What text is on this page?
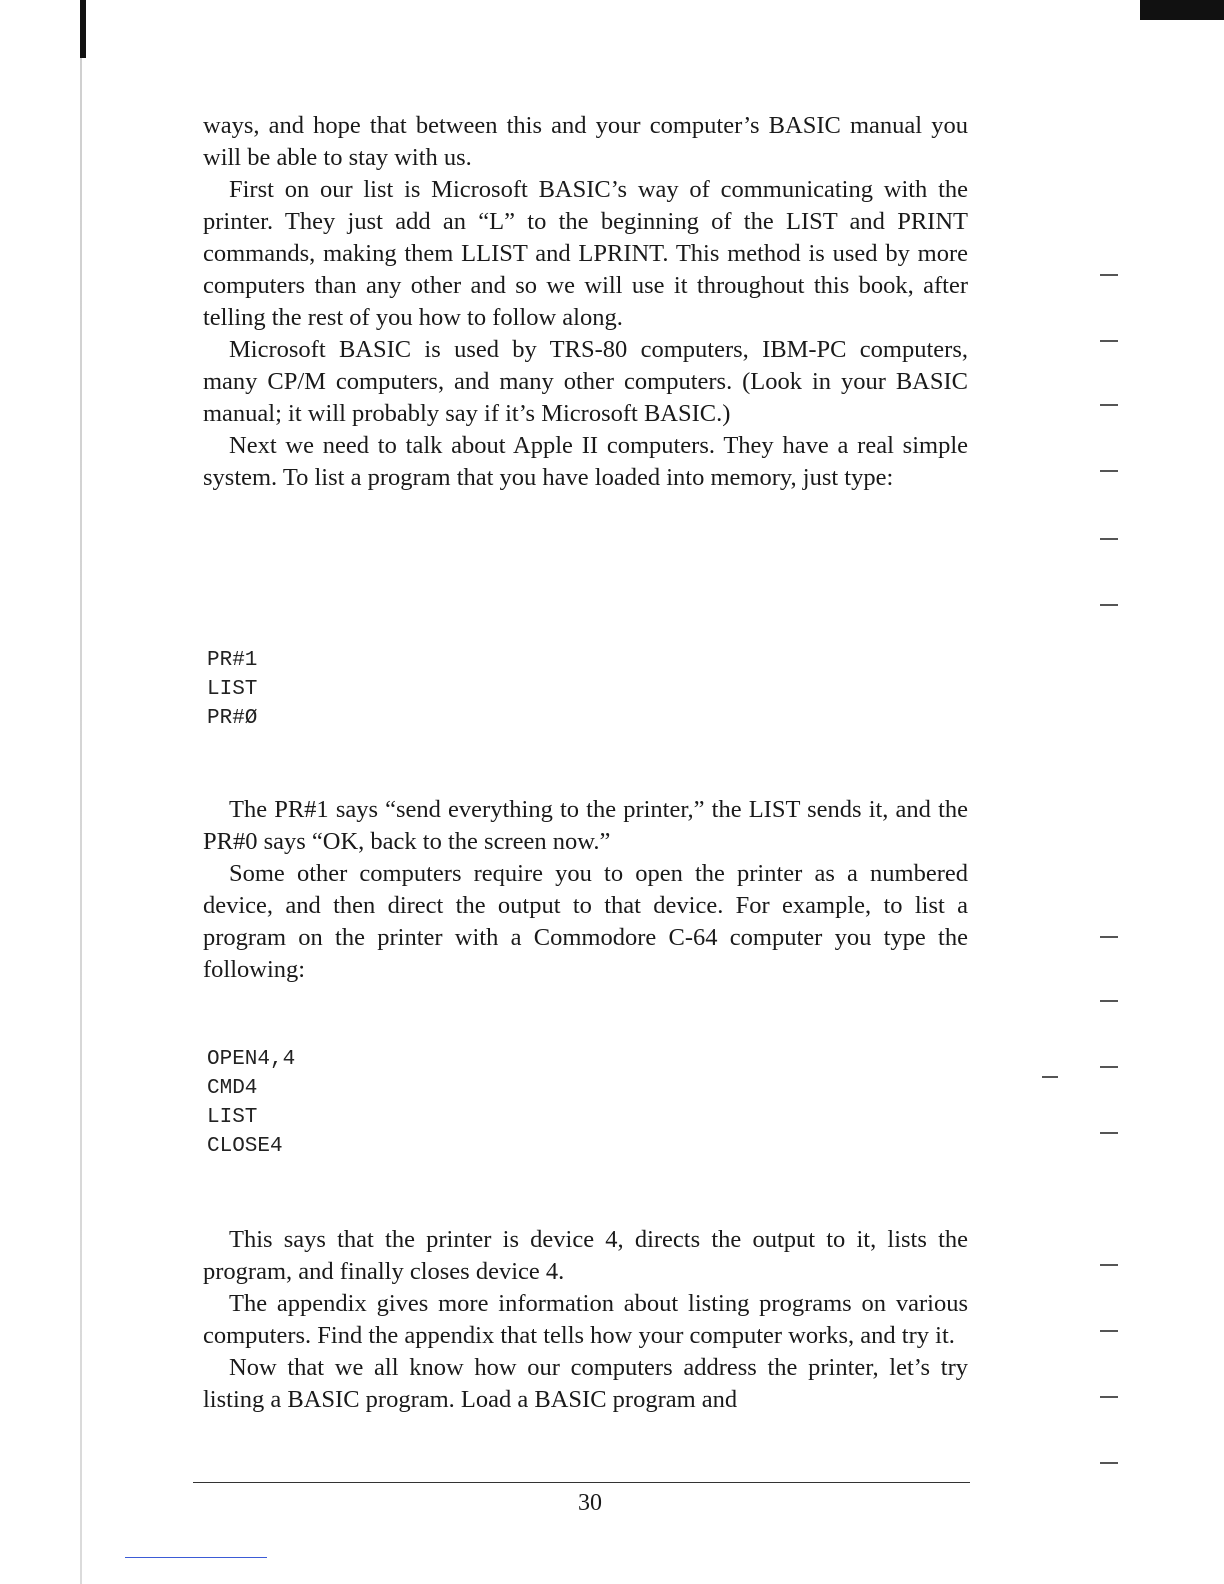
ways, and hope that between this and your computer’s BASIC manual you will be able to stay with us.

First on our list is Microsoft BASIC’s way of communicating with the printer. They just add an “L” to the beginning of the LIST and PRINT commands, making them LLIST and LPRINT. This method is used by more computers than any other and so we will use it throughout this book, after telling the rest of you how to follow along.

Microsoft BASIC is used by TRS-80 computers, IBM-PC computers, many CP/M computers, and many other computers. (Look in your BASIC manual; it will probably say if it’s Microsoft BASIC.)

Next we need to talk about Apple II computers. They have a real simple system. To list a program that you have loaded into memory, just type:

PR#1
LIST
PR#Ø

The PR#1 says “send everything to the printer,” the LIST sends it, and the PR#0 says “OK, back to the screen now.”

Some other computers require you to open the printer as a numbered device, and then direct the output to that device. For example, to list a program on the printer with a Commodore C-64 computer you type the following:

OPEN4,4
CMD4
LIST
CLOSE4

This says that the printer is device 4, directs the output to it, lists the program, and finally closes device 4.

The appendix gives more information about listing programs on various computers. Find the appendix that tells how your computer works, and try it.

Now that we all know how our computers address the printer, let’s try listing a BASIC program. Load a BASIC program and

30
